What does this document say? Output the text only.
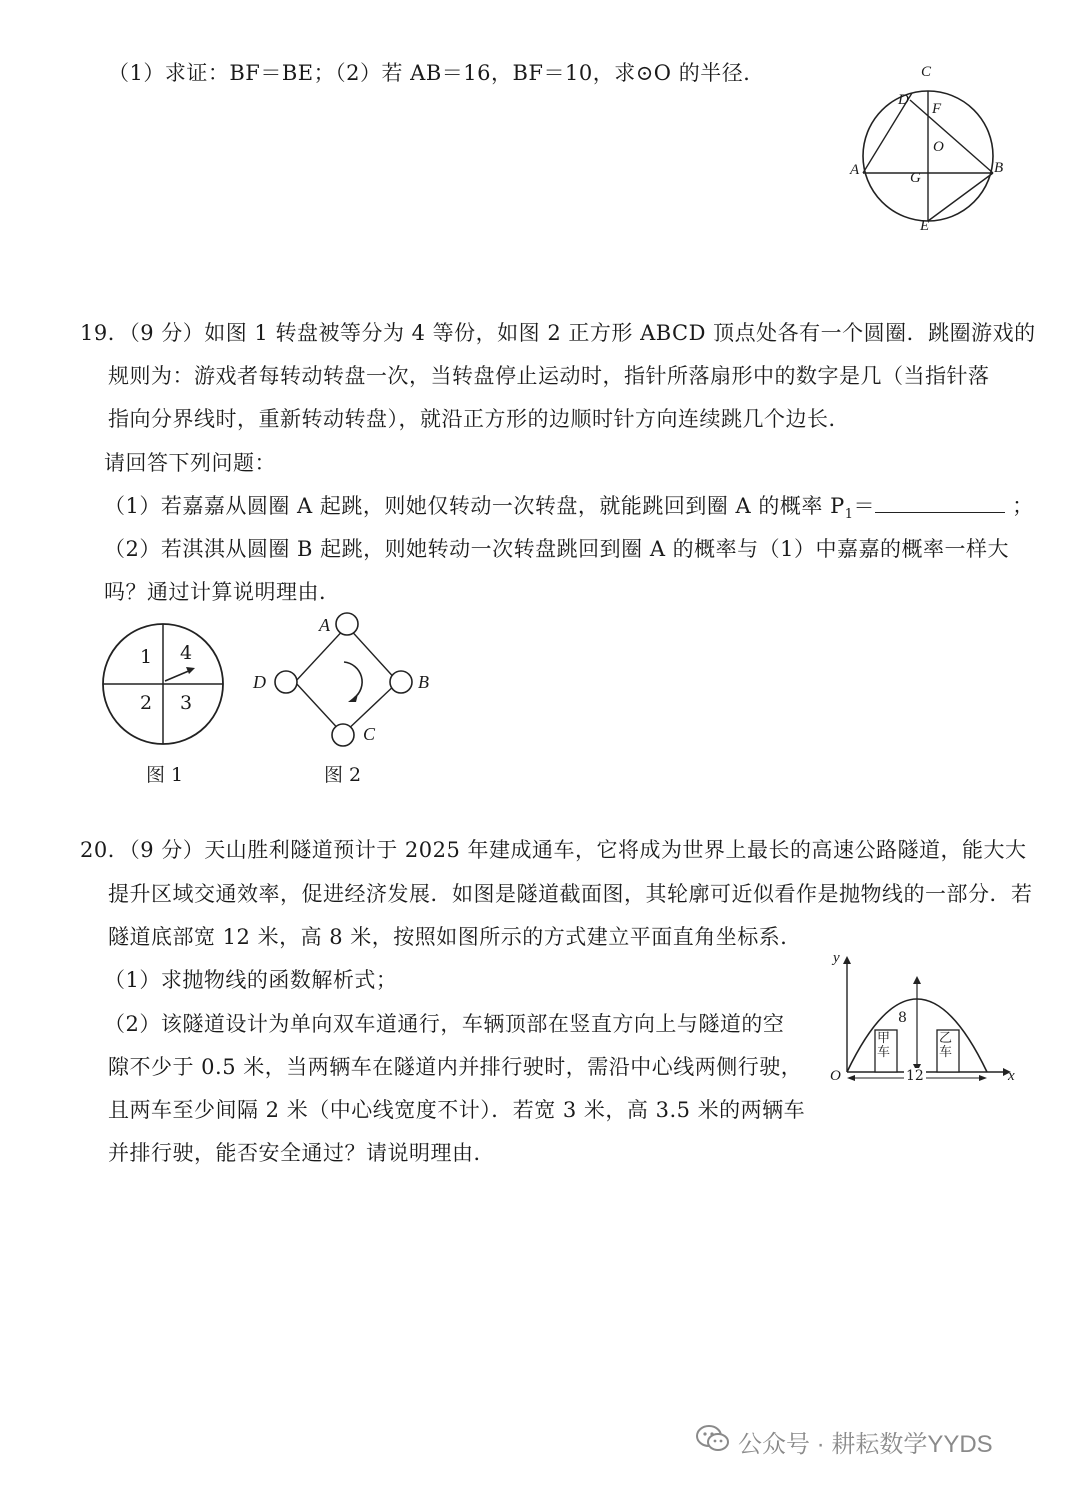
（1）求证：BF＝BE；（2）若 AB＝16，BF＝10，求⊙O 的半径．	C
D
F
O
A	G
B
E
19．（9 分）如图 1 转盘被等分为 4 等份，如图 2 正方形 ABCD 顶点处各有一个圆圈．跳圈游戏的
规则为：游戏者每转动转盘一次，当转盘停止运动时，指针所落扇形中的数字是几（当指针落
指向分界线时，重新转动转盘），就沿正方形的边顺时针方向连续跳几个边长．
请回答下列问题：
（1）若嘉嘉从圆圈 A 起跳，则她仅转动一次转盘，就能跳回到圈 A 的概率 $P_1=$	；
（2）若淇淇从圆圈 B 起跳，则她转动一次转盘跳回到圈 A 的概率与（1）中嘉嘉的概率一样大
吗？通过计算说明理由．
1 4
2 3
图 1
A
D	B
C
图 2
20．（9 分）天山胜利隧道预计于 2025 年建成通车，它将成为世界上最长的高速公路隧道，能大大
提升区域交通效率，促进经济发展．如图是隧道截面图，其轮廓可近似看作是抛物线的一部分．若
隧道底部宽 12 米，高 8 米，按照如图所示的方式建立平面直角坐标系．
（1）求抛物线的函数解析式；
（2）该隧道设计为单向双车道通行，车辆顶部在竖直方向上与隧道的空
隙不少于 0.5 米，当两辆车在隧道内并排行驶时，需沿中心线两侧行驶，
且两车至少间隔 2 米（中心线宽度不计）．若宽 3 米，高 3.5 米的两辆车
并排行驶，能否安全通过？请说明理由．
y
x
O
8
12
甲车
乙车
公众号 · 耕耘数学YYDS
